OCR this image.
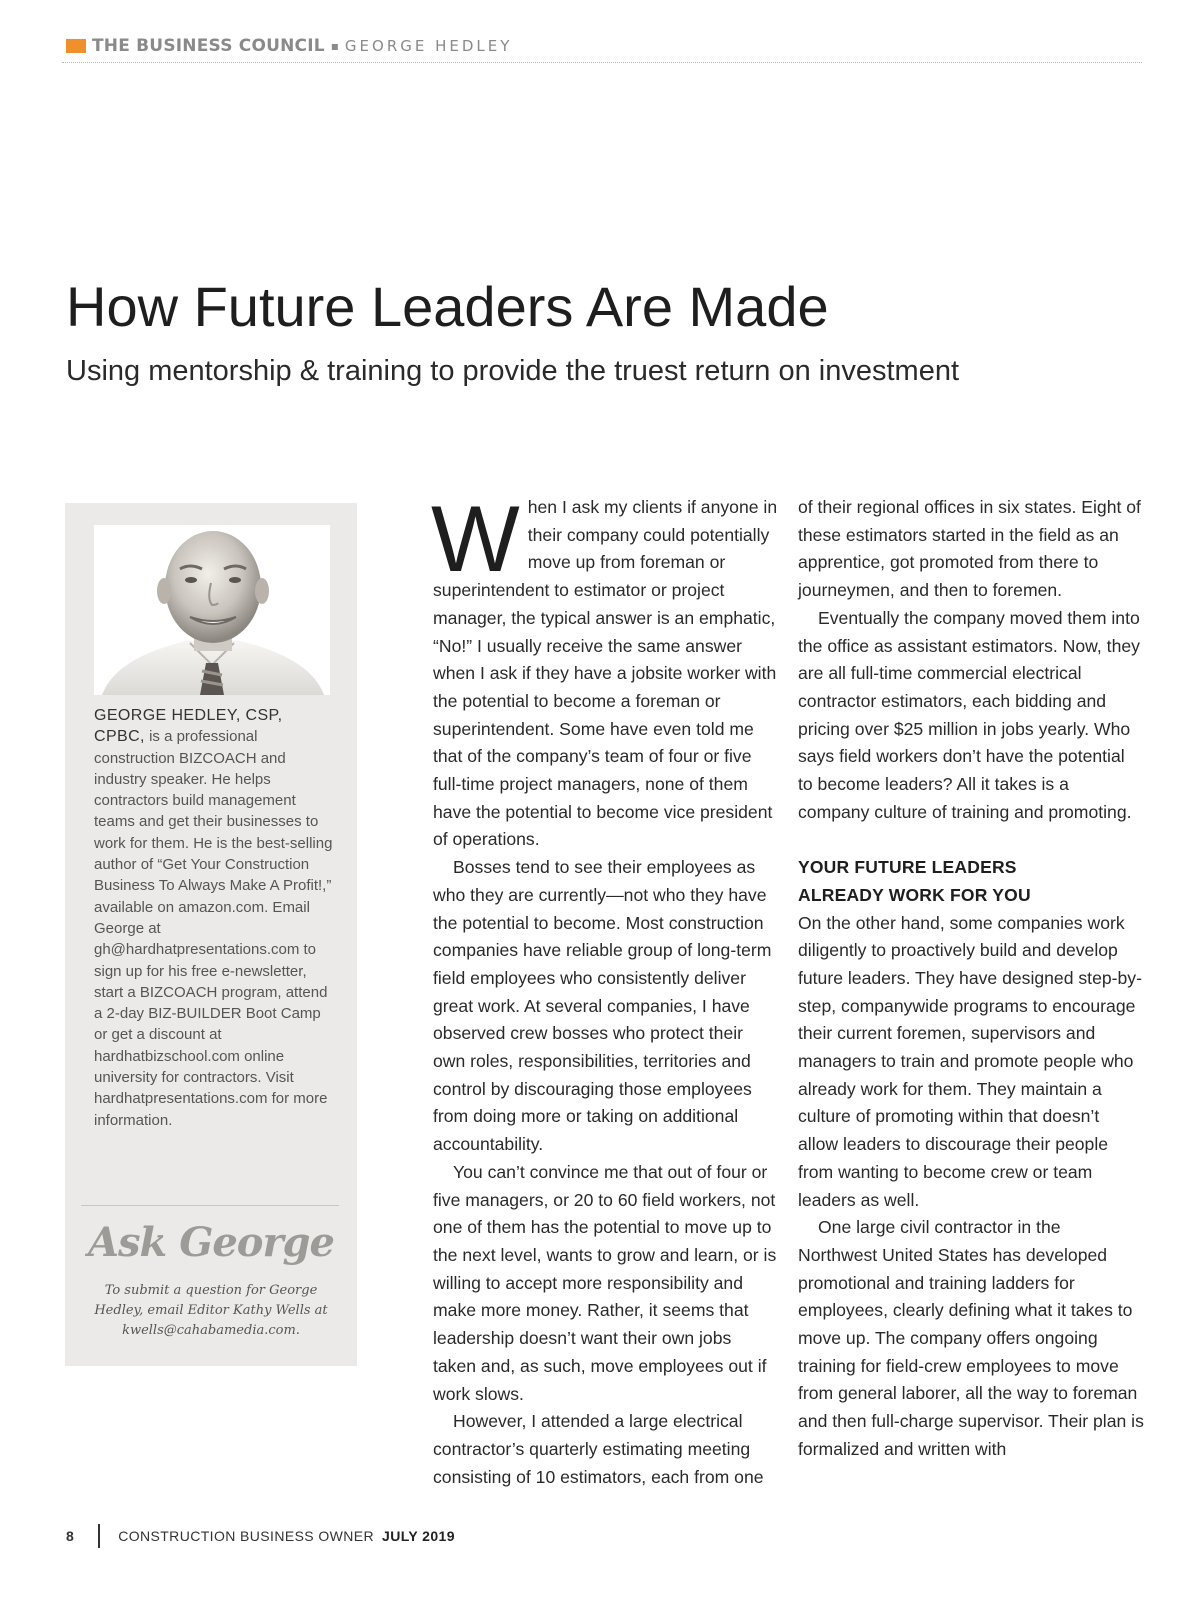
THE BUSINESS COUNCIL ▪ GEORGE HEDLEY
How Future Leaders Are Made
Using mentorship & training to provide the truest return on investment

GEORGE HEDLEY, CSP, CPBC, is a professional construction BIZCOACH and industry speaker. He helps contractors build management teams and get their businesses to work for them. He is the best-selling author of “Get Your Construction Business To Always Make A Profit!,” available on amazon.com. Email George at gh@hardhatpresentations.com to sign up for his free e-newsletter, start a BIZCOACH program, attend a 2-day BIZ-BUILDER Boot Camp or get a discount at hardhatbizschool.com online university for contractors. Visit hardhatpresentations.com for more information.

Ask George
To submit a question for George Hedley, email Editor Kathy Wells at kwells@cahabamedia.com.

When I ask my clients if anyone in their company could potentially move up from foreman or superintendent to estimator or project manager, the typical answer is an emphatic, “No!” I usually receive the same answer when I ask if they have a jobsite worker with the potential to become a foreman or superintendent. Some have even told me that of the company’s team of four or five full-time project managers, none of them have the potential to become vice president of operations.

Bosses tend to see their employees as who they are currently—not who they have the potential to become. Most construction companies have reliable group of long-term field employees who consistently deliver great work. At several companies, I have observed crew bosses who protect their own roles, responsibilities, territories and control by discouraging those employees from doing more or taking on additional accountability.

You can’t convince me that out of four or five managers, or 20 to 60 field workers, not one of them has the potential to move up to the next level, wants to grow and learn, or is willing to accept more responsibility and make more money. Rather, it seems that leadership doesn’t want their own jobs taken and, as such, move employees out if work slows.

However, I attended a large electrical contractor’s quarterly estimating meeting consisting of 10 estimators, each from one

of their regional offices in six states. Eight of these estimators started in the field as an apprentice, got promoted from there to journeymen, and then to foremen.

Eventually the company moved them into the office as assistant estimators. Now, they are all full-time commercial electrical contractor estimators, each bidding and pricing over $25 million in jobs yearly. Who says field workers don’t have the potential to become leaders? All it takes is a company culture of training and promoting.

YOUR FUTURE LEADERS
ALREADY WORK FOR YOU

On the other hand, some companies work diligently to proactively build and develop future leaders. They have designed step-by-step, companywide programs to encourage their current foremen, supervisors and managers to train and promote people who already work for them. They maintain a culture of promoting within that doesn’t allow leaders to discourage their people from wanting to become crew or team leaders as well.

One large civil contractor in the Northwest United States has developed promotional and training ladders for employees, clearly defining what it takes to move up. The company offers ongoing training for field-crew employees to move from general laborer, all the way to foreman and then full-charge supervisor. Their plan is formalized and written with

8	CONSTRUCTION BUSINESS OWNER JULY 2019
